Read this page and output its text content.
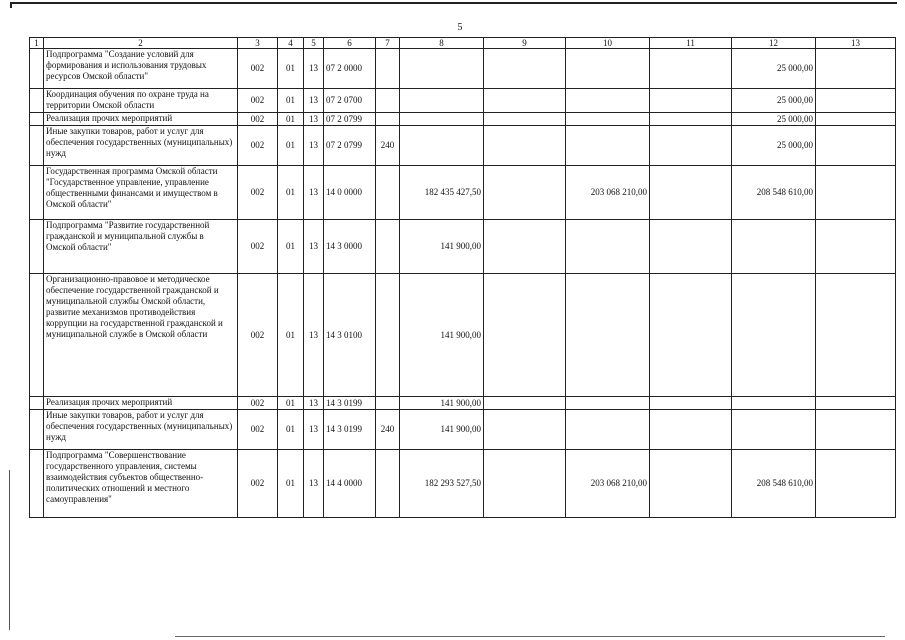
5
1	2	3	4	5	6	7	8	9	10	11	12	13
	Подпрограмма "Создание условий для формирования и использования трудовых ресурсов Омской области"	002	01	13	07 2 0000						25 000,00	
	Координация обучения по охране труда на территории Омской области	002	01	13	07 2 0700						25 000,00	
	Реализация прочих мероприятий	002	01	13	07 2 0799						25 000,00	
	Иные закупки товаров, работ и услуг для обеспечения государственных (муниципальных) нужд	002	01	13	07 2 0799	240					25 000,00	
	Государственная программа Омской области "Государственное управление, управление общественными финансами и имуществом в Омской области"	002	01	13	14 0 0000		182 435 427,50		203 068 210,00		208 548 610,00	
	Подпрограмма "Развитие государственной гражданской и муниципальной службы в Омской области"	002	01	13	14 3 0000		141 900,00					
	Организационно-правовое и методическое обеспечение государственной гражданской и муниципальной службы Омской области, развитие механизмов противодействия коррупции на государственной гражданской и муниципальной службе в Омской области	002	01	13	14 3 0100		141 900,00					
	Реализация прочих мероприятий	002	01	13	14 3 0199		141 900,00					
	Иные закупки товаров, работ и услуг для обеспечения государственных (муниципальных) нужд	002	01	13	14 3 0199	240	141 900,00					
	Подпрограмма "Совершенствование государственного управления, системы взаимодействия субъектов общественно-политических отношений и местного самоуправления"	002	01	13	14 4 0000		182 293 527,50		203 068 210,00		208 548 610,00	
